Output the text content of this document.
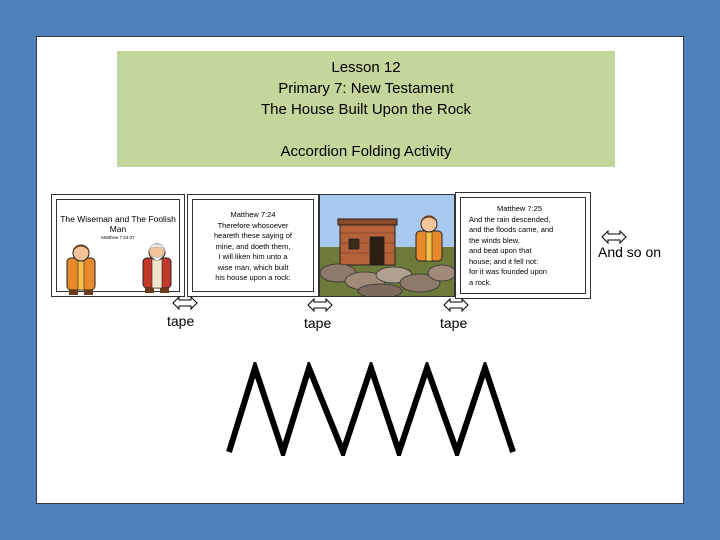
Lesson 12
Primary 7: New Testament
The House Built Upon the Rock
Accordion Folding Activity
The Wiseman and The Foolish Man
Matthew 7:24-27
Matthew 7:24
Therefore whosoever
heareth these saying of
mine, and doeth them,
I will liken him unto a
wise man, which built
his house upon a rock:
Matthew 7:25
And the rain descended,
and the floods came, and
the winds blew,
and beat upon that
house; and it fell not:
for it was founded upon
a rock.
tape	tape	tape
And so on
